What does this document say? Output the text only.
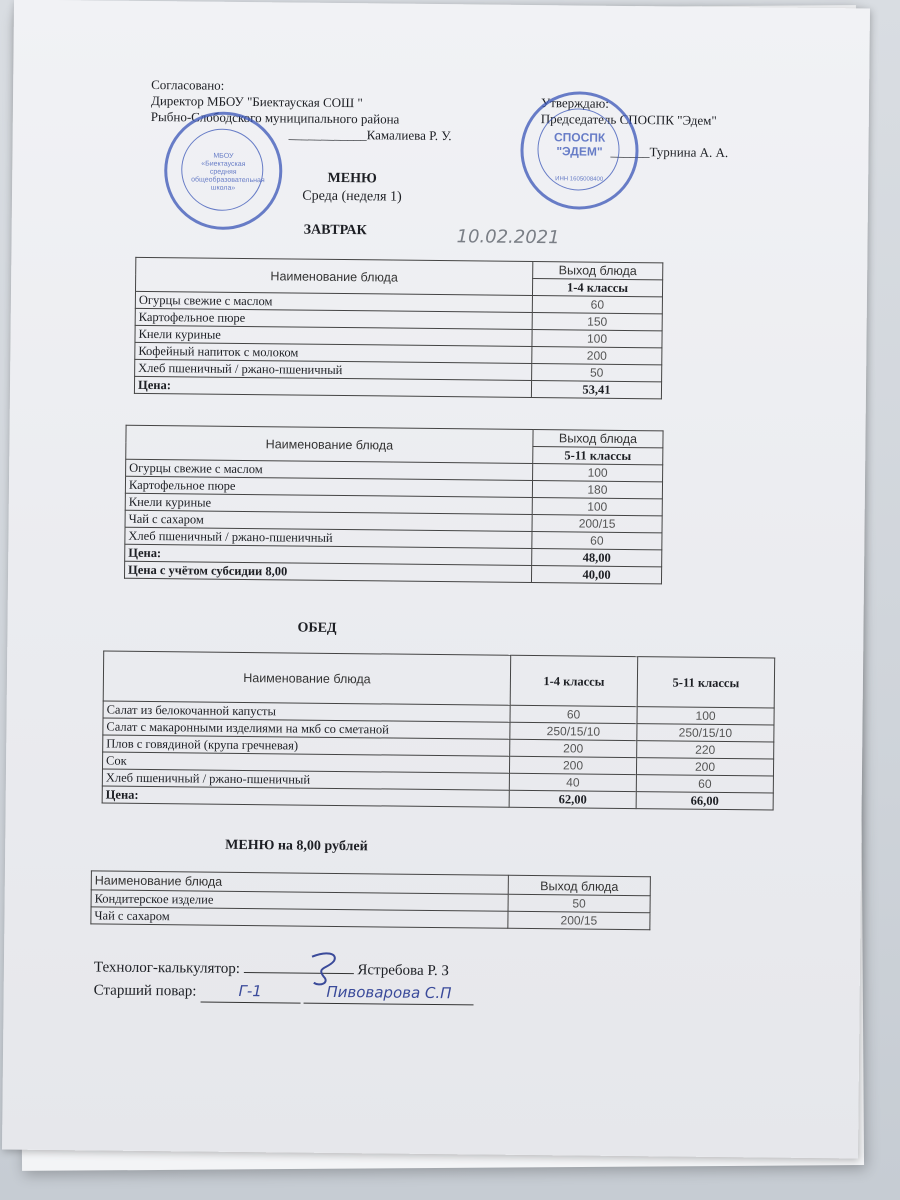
Согласовано:
Директор МБОУ "Биектауская СОШ "
Рыбно-Слободского муниципального района
____________Камалиева Р. У.
Утверждаю:
Председатель СПОСПК "Эдем"
______Турнина А. А.
МБОУ «Биектауская средняя общеобразовательная школа»
СПОСПК "ЭДЕМ"
ИНН 1605008400
МЕНЮ
Среда (неделя 1)
ЗАВТРАК	10.02.2021
Наименование блюда	Выход блюда
	1-4 классы
Огурцы свежие с маслом	60
Картофельное пюре	150
Кнели куриные	100
Кофейный напиток с молоком	200
Хлеб пшеничный / ржано-пшеничный	50
Цена:	53,41
Наименование блюда	Выход блюда
	5-11 классы
Огурцы свежие с маслом	100
Картофельное пюре	180
Кнели куриные	100
Чай с сахаром	200/15
Хлеб пшеничный / ржано-пшеничный	60
Цена:	48,00
Цена с учётом субсидии 8,00	40,00
ОБЕД
Наименование блюда	1-4 классы	5-11 классы
Салат из белокочанной капусты	60	100
Салат с макаронными изделиями на мкб со сметаной	250/15/10	250/15/10
Плов с говядиной (крупа гречневая)	200	220
Сок	200	200
Хлеб пшеничный / ржано-пшеничный	40	60
Цена:	62,00	66,00
МЕНЮ на 8,00 рублей
Наименование блюда	Выход блюда
Кондитерское изделие	50
Чай с сахаром	200/15
Технолог-калькулятор:	Ястребова Р. З
Старший повар:	Г-1	Пивоварова С.П
